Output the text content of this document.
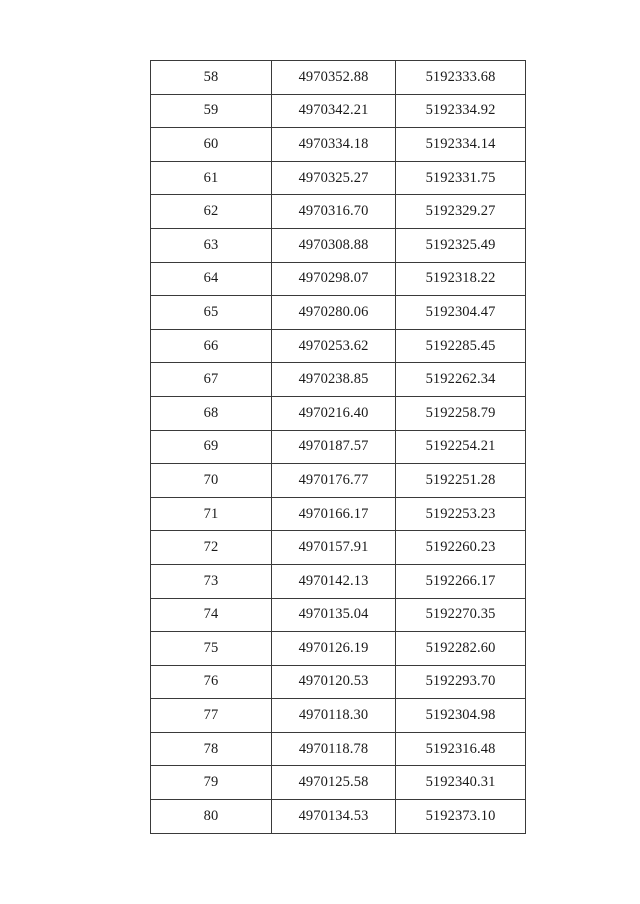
58	4970352.88	5192333.68
59	4970342.21	5192334.92
60	4970334.18	5192334.14
61	4970325.27	5192331.75
62	4970316.70	5192329.27
63	4970308.88	5192325.49
64	4970298.07	5192318.22
65	4970280.06	5192304.47
66	4970253.62	5192285.45
67	4970238.85	5192262.34
68	4970216.40	5192258.79
69	4970187.57	5192254.21
70	4970176.77	5192251.28
71	4970166.17	5192253.23
72	4970157.91	5192260.23
73	4970142.13	5192266.17
74	4970135.04	5192270.35
75	4970126.19	5192282.60
76	4970120.53	5192293.70
77	4970118.30	5192304.98
78	4970118.78	5192316.48
79	4970125.58	5192340.31
80	4970134.53	5192373.10
